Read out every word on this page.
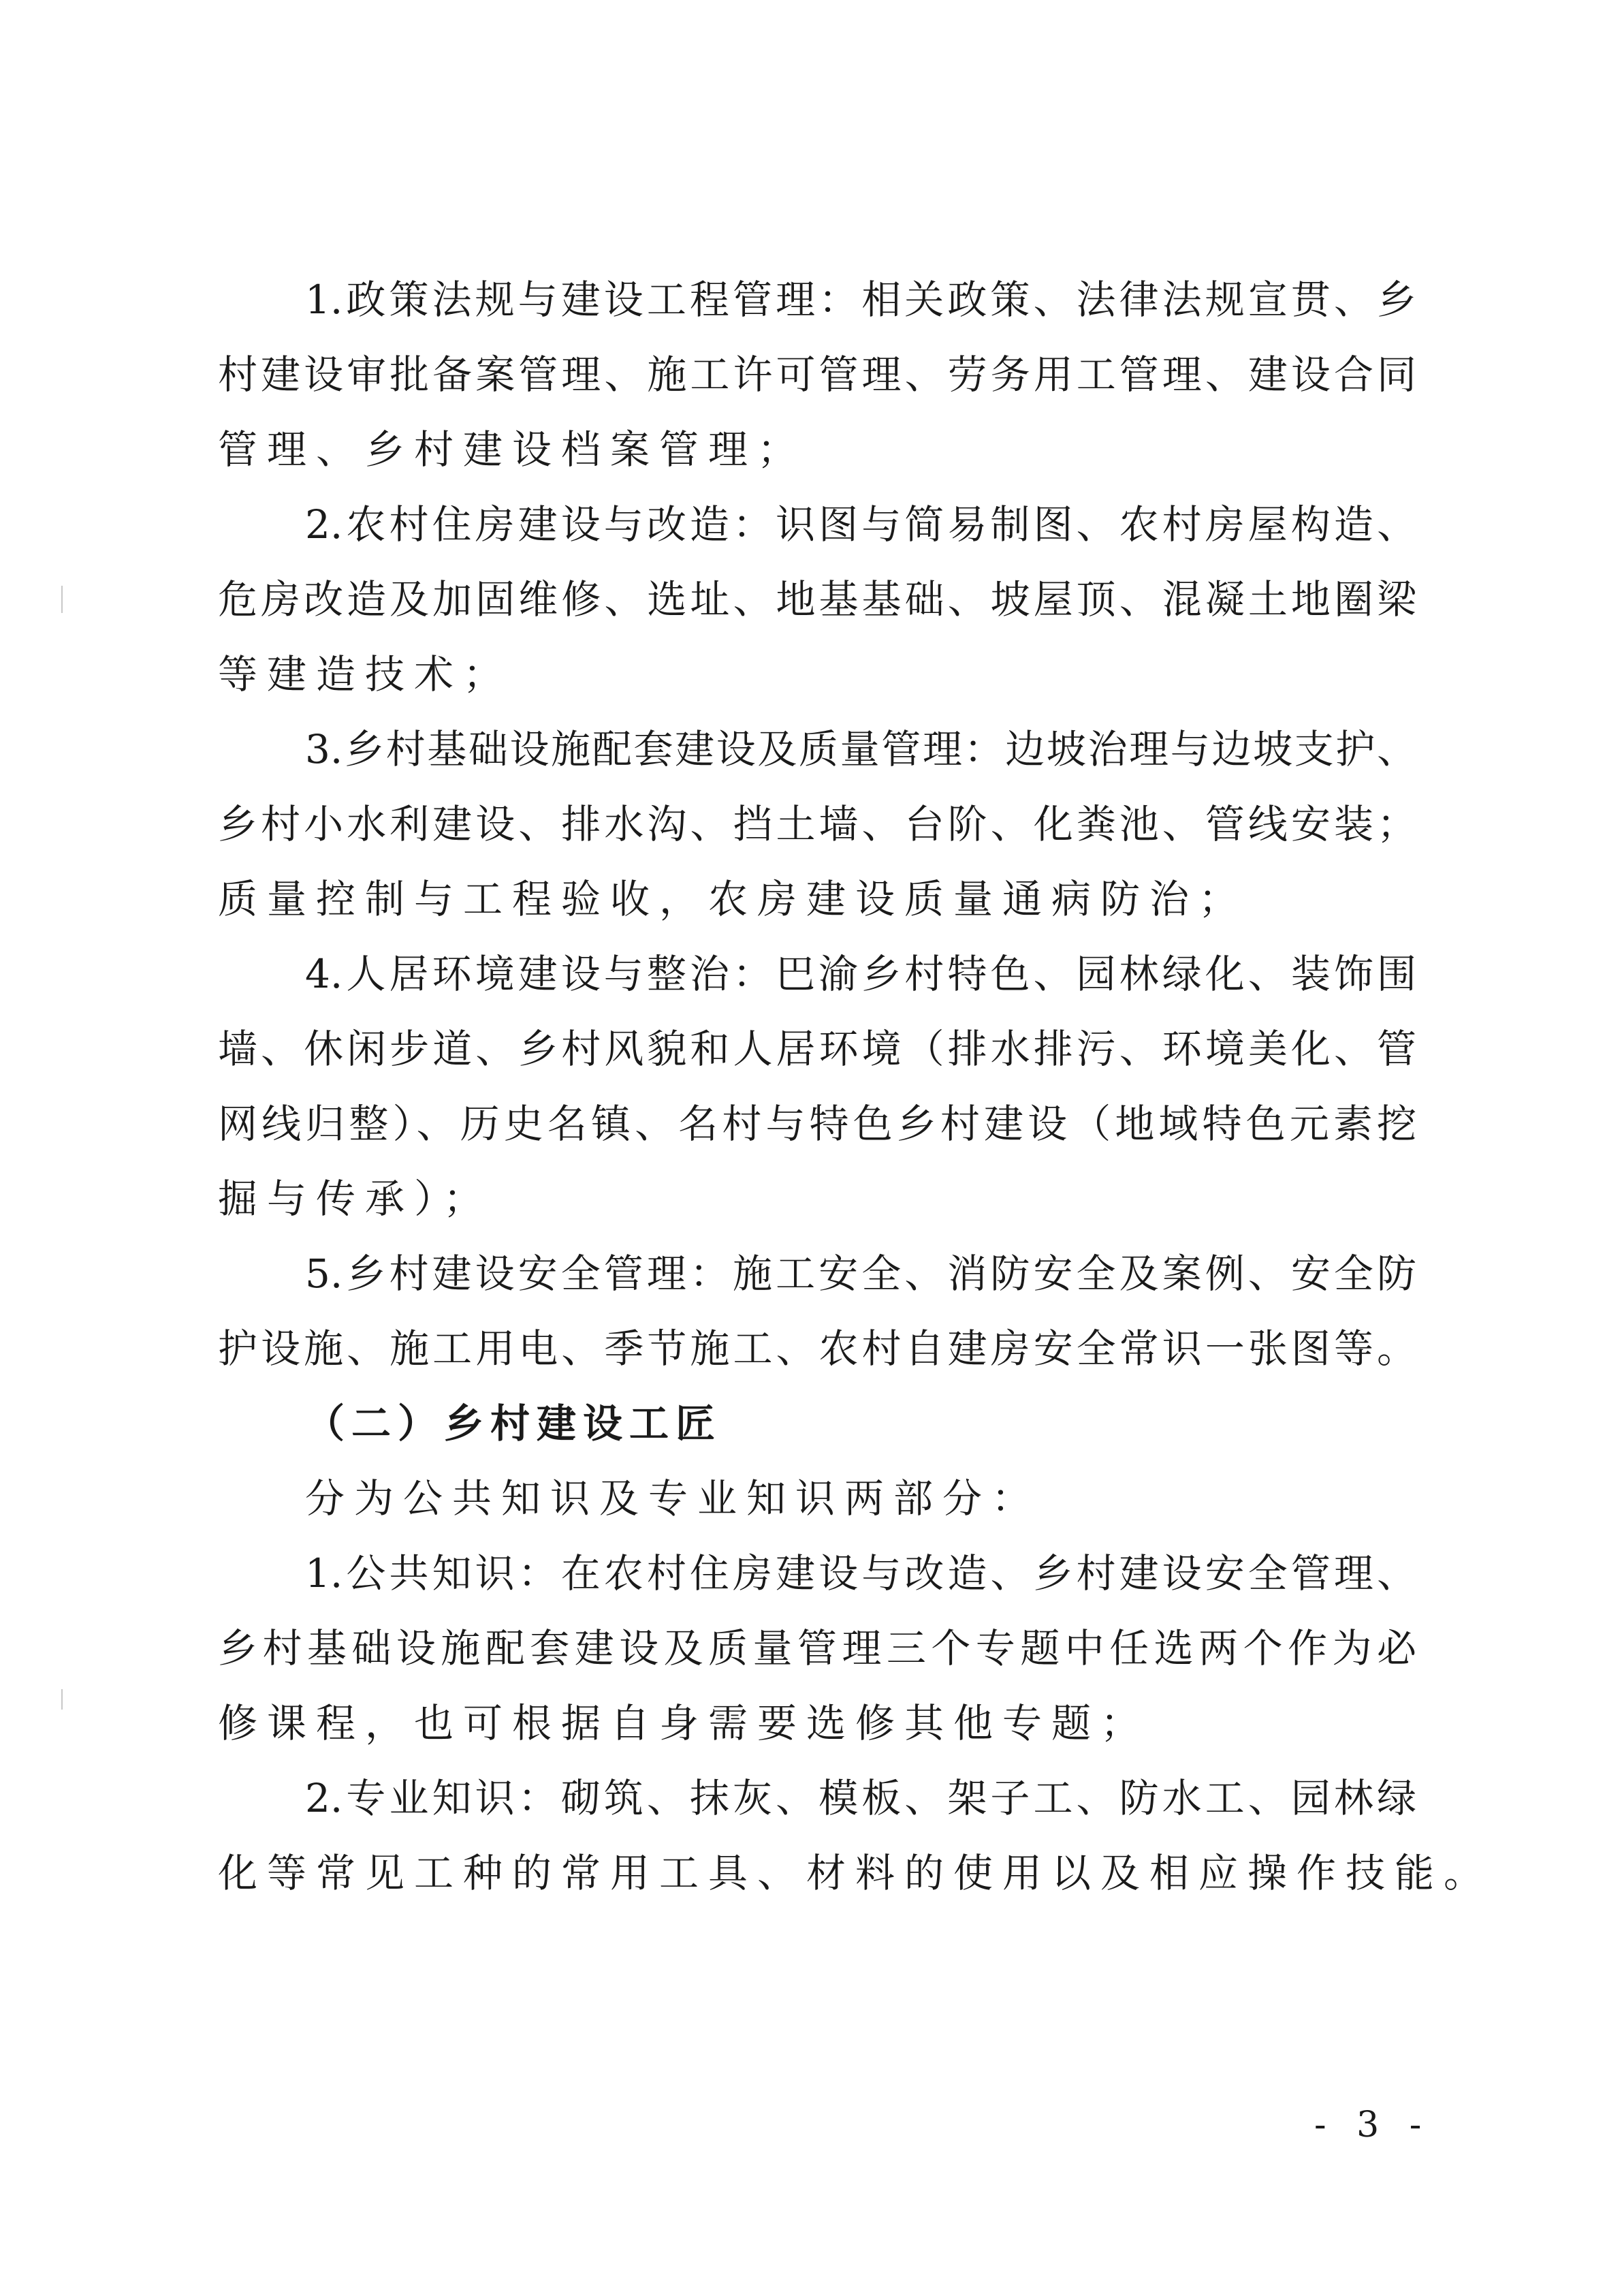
1.政策法规与建设工程管理：相关政策、法律法规宣贯、乡
村建设审批备案管理、施工许可管理、劳务用工管理、建设合同
管理、乡村建设档案管理；
2.农村住房建设与改造：识图与简易制图、农村房屋构造、
危房改造及加固维修、选址、地基基础、坡屋顶、混凝土地圈梁
等建造技术；
3.乡村基础设施配套建设及质量管理：边坡治理与边坡支护、
乡村小水利建设、排水沟、挡土墙、台阶、化粪池、管线安装；
质量控制与工程验收，农房建设质量通病防治；
4.人居环境建设与整治：巴渝乡村特色、园林绿化、装饰围
墙、休闲步道、乡村风貌和人居环境（排水排污、环境美化、管
网线归整）、历史名镇、名村与特色乡村建设（地域特色元素挖
掘与传承）；
5.乡村建设安全管理：施工安全、消防安全及案例、安全防
护设施、施工用电、季节施工、农村自建房安全常识一张图等。
（二）乡村建设工匠
分为公共知识及专业知识两部分：
1.公共知识：在农村住房建设与改造、乡村建设安全管理、
乡村基础设施配套建设及质量管理三个专题中任选两个作为必
修课程，也可根据自身需要选修其他专题；
2.专业知识：砌筑、抹灰、模板、架子工、防水工、园林绿
化等常见工种的常用工具、材料的使用以及相应操作技能。
- 3 -
